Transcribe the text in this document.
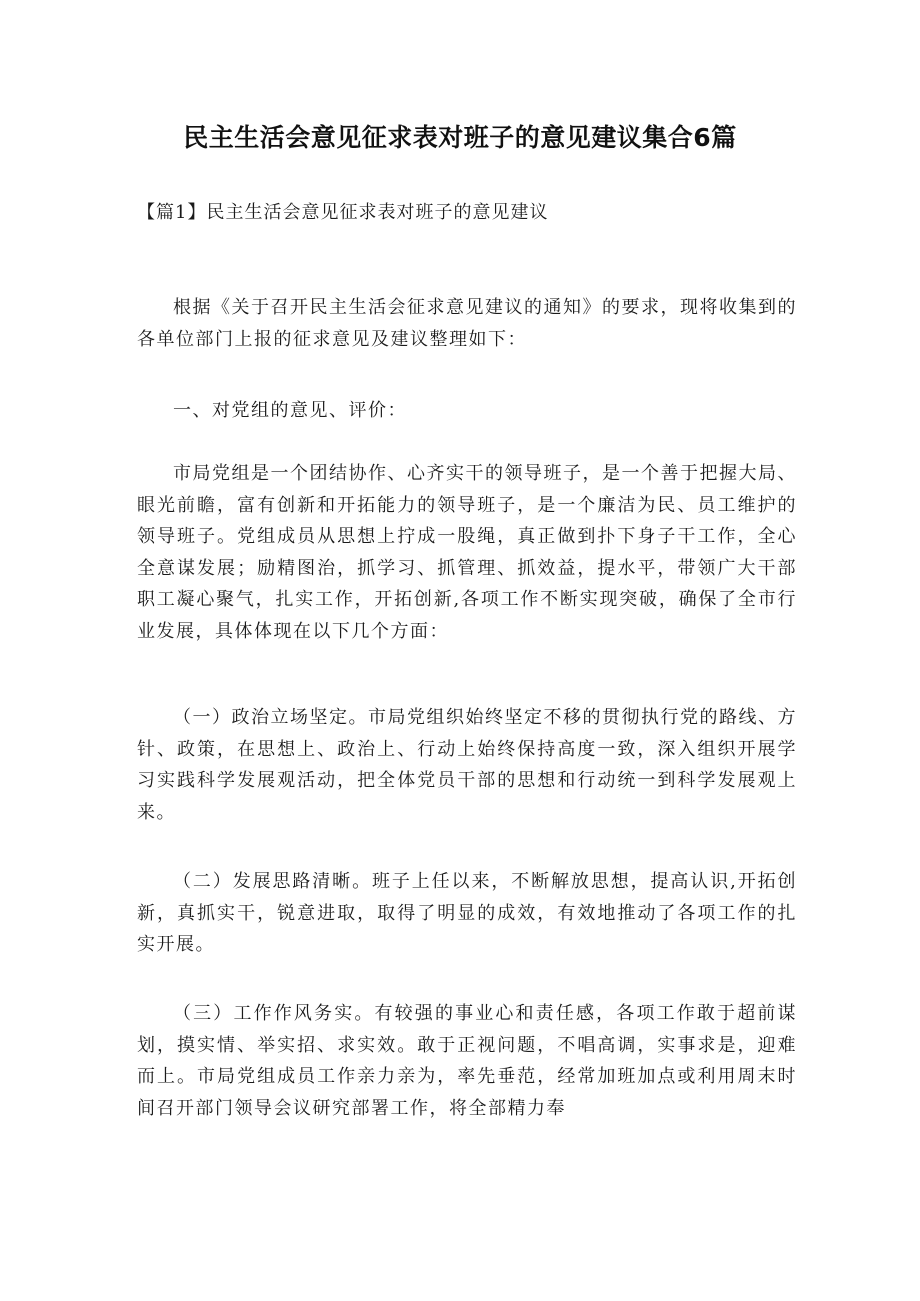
民主生活会意见征求表对班子的意见建议集合6篇

【篇1】民主生活会意见征求表对班子的意见建议

根据《关于召开民主生活会征求意见建议的通知》的要求，现将收集到的各单位部门上报的征求意见及建议整理如下：

一、对党组的意见、评价：

市局党组是一个团结协作、心齐实干的领导班子，是一个善于把握大局、眼光前瞻，富有创新和开拓能力的领导班子，是一个廉洁为民、员工维护的领导班子。党组成员从思想上拧成一股绳，真正做到扑下身子干工作，全心全意谋发展；励精图治，抓学习、抓管理、抓效益，提水平，带领广大干部职工凝心聚气，扎实工作，开拓创新,各项工作不断实现突破，确保了全市行业发展，具体体现在以下几个方面：

（一）政治立场坚定。市局党组织始终坚定不移的贯彻执行党的路线、方针、政策，在思想上、政治上、行动上始终保持高度一致，深入组织开展学习实践科学发展观活动，把全体党员干部的思想和行动统一到科学发展观上来。

（二）发展思路清晰。班子上任以来，不断解放思想，提高认识,开拓创新，真抓实干，锐意进取，取得了明显的成效，有效地推动了各项工作的扎实开展。

（三）工作作风务实。有较强的事业心和责任感，各项工作敢于超前谋划，摸实情、举实招、求实效。敢于正视问题，不唱高调，实事求是，迎难而上。市局党组成员工作亲力亲为，率先垂范，经常加班加点或利用周末时间召开部门领导会议研究部署工作，将全部精力奉
